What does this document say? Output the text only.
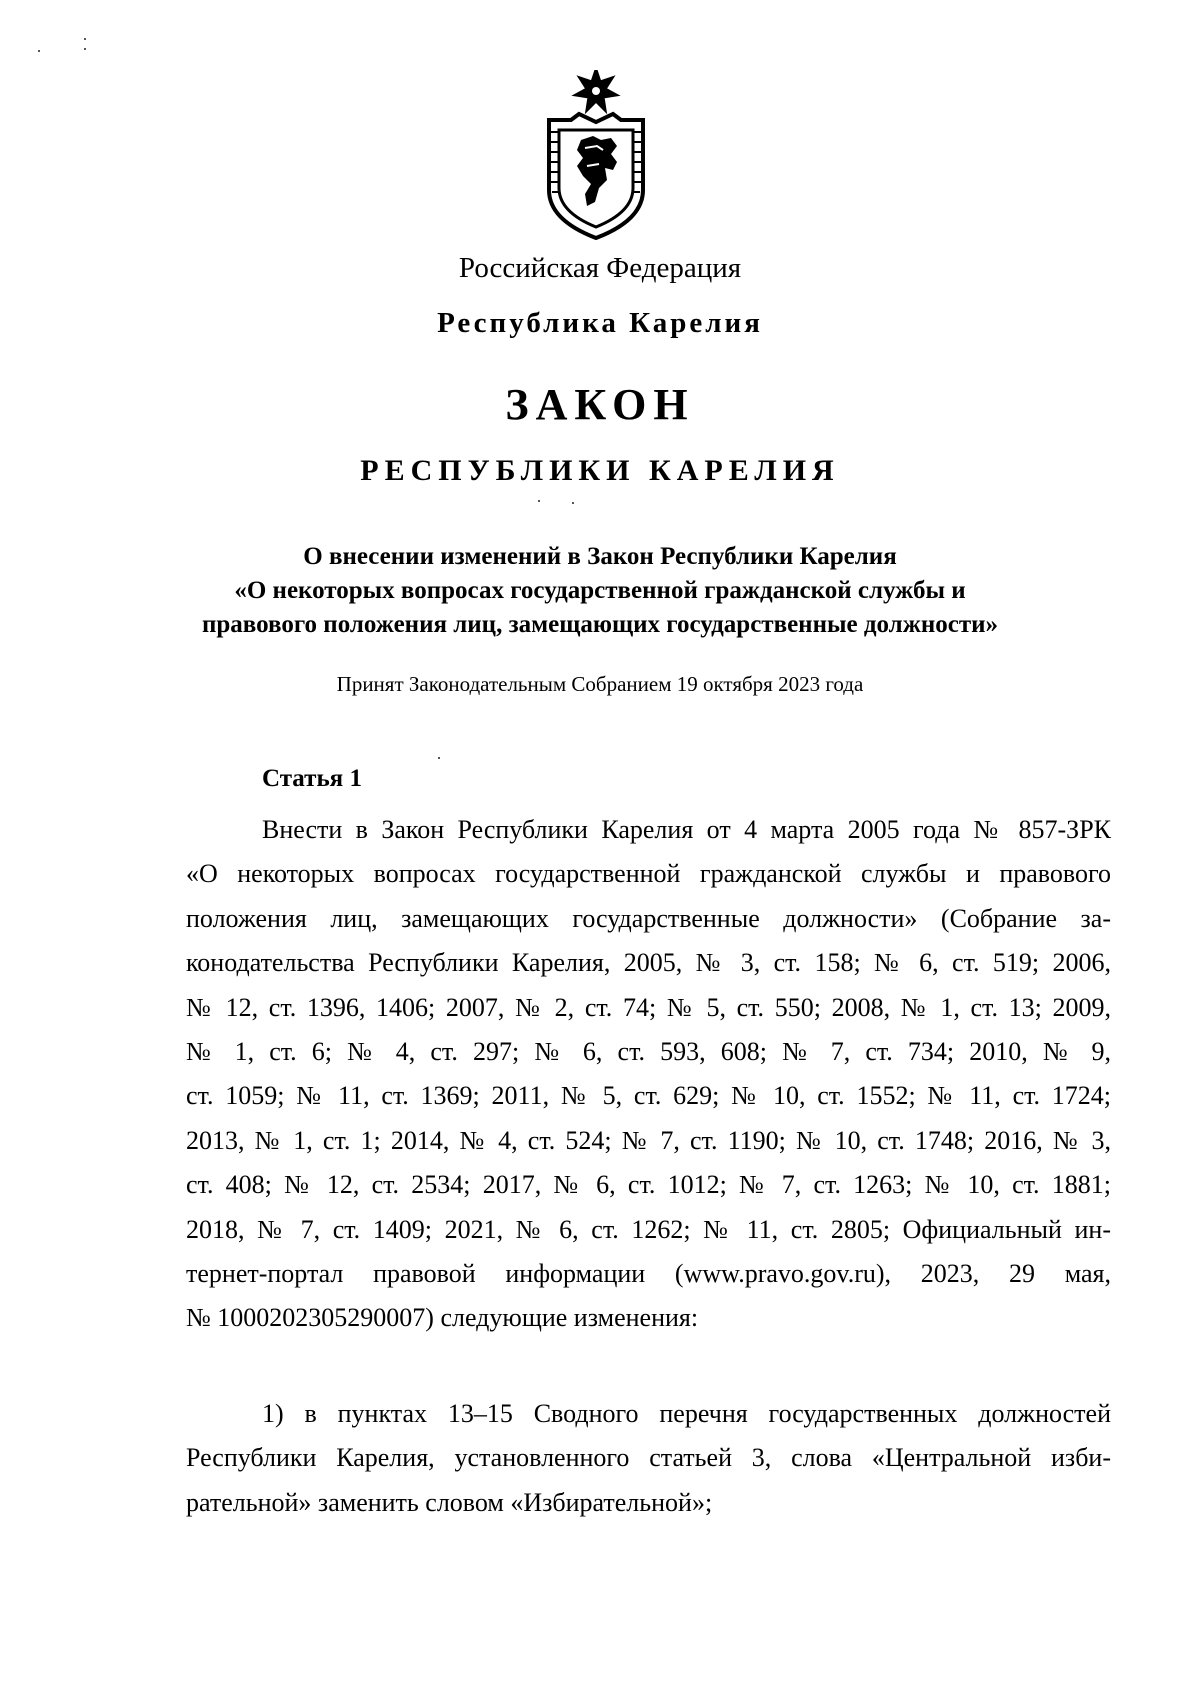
Российская Федерация
Республика Карелия
ЗАКОН
РЕСПУБЛИКИ КАРЕЛИЯ
О внесении изменений в Закон Республики Карелия
«О некоторых вопросах государственной гражданской службы и
правового положения лиц, замещающих государственные должности»
Принят Законодательным Собранием 19 октября 2023 года
Статья 1
Внести в Закон Республики Карелия от 4 марта 2005 года № 857-ЗРК
«О некоторых вопросах государственной гражданской службы и правового
положения лиц, замещающих государственные должности» (Собрание за-
конодательства Республики Карелия, 2005, № 3, ст. 158; № 6, ст. 519; 2006,
№ 12, ст. 1396, 1406; 2007, № 2, ст. 74; № 5, ст. 550; 2008, № 1, ст. 13; 2009,
№ 1, ст. 6; № 4, ст. 297; № 6, ст. 593, 608; № 7, ст. 734; 2010, № 9,
ст. 1059; № 11, ст. 1369; 2011, № 5, ст. 629; № 10, ст. 1552; № 11, ст. 1724;
2013, № 1, ст. 1; 2014, № 4, ст. 524; № 7, ст. 1190; № 10, ст. 1748; 2016, № 3,
ст. 408; № 12, ст. 2534; 2017, № 6, ст. 1012; № 7, ст. 1263; № 10, ст. 1881;
2018, № 7, ст. 1409; 2021, № 6, ст. 1262; № 11, ст. 2805; Официальный ин-
тернет-портал правовой информации (www.pravo.gov.ru), 2023, 29 мая,
№ 1000202305290007) следующие изменения:
1) в пунктах 13–15 Сводного перечня государственных должностей
Республики Карелия, установленного статьей 3, слова «Центральной изби-
рательной» заменить словом «Избирательной»;
